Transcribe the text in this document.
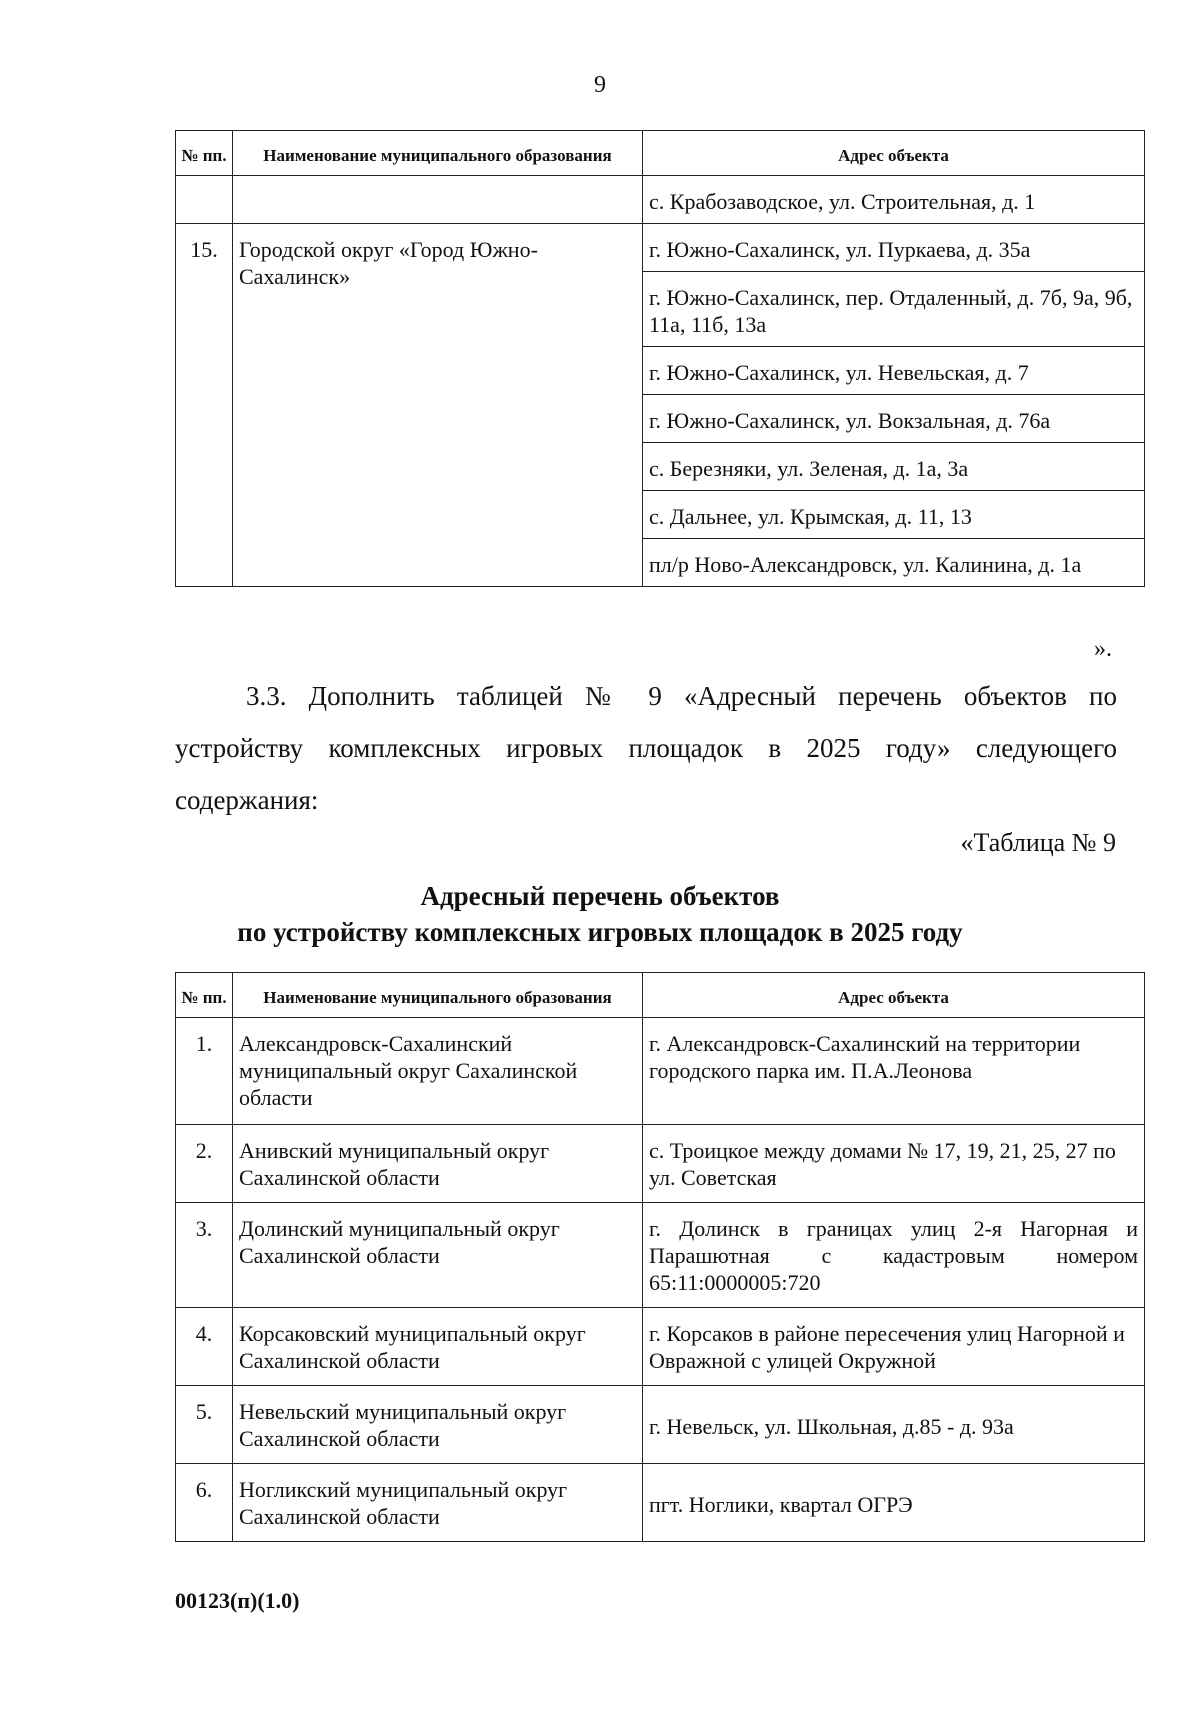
9
№ пп.	Наименование муниципального образования	Адрес объекта
		с. Крабозаводское, ул. Строительная, д. 1
15.	Городской округ «Город Южно-Сахалинск»	г. Южно-Сахалинск, ул. Пуркаева, д. 35а
		г. Южно-Сахалинск, пер. Отдаленный, д. 7б, 9а, 9б, 11а, 11б, 13а
		г. Южно-Сахалинск, ул. Невельская, д. 7
		г. Южно-Сахалинск, ул. Вокзальная, д. 76а
		с. Березняки, ул. Зеленая, д. 1а, 3а
		с. Дальнее, ул. Крымская, д. 11, 13
		пл/р Ново-Александровск, ул. Калинина, д. 1а
».
3.3. Дополнить таблицей № 9 «Адресный перечень объектов по
устройству комплексных игровых площадок в 2025 году» следующего
содержания:
«Таблица № 9
Адресный перечень объектов
по устройству комплексных игровых площадок в 2025 году
№ пп.	Наименование муниципального образования	Адрес объекта
1.	Александровск-Сахалинский муниципальный округ Сахалинской области	г. Александровск-Сахалинский на территории городского парка им. П.А.Леонова
2.	Анивский муниципальный округ Сахалинской области	с. Троицкое между домами № 17, 19, 21, 25, 27 по ул. Советская
3.	Долинский муниципальный округ Сахалинской области	г. Долинск в границах улиц 2-я Нагорная и Парашютная с кадастровым номером 65:11:0000005:720
4.	Корсаковский муниципальный округ Сахалинской области	г. Корсаков в районе пересечения улиц Нагорной и Овражной с улицей Окружной
5.	Невельский муниципальный округ Сахалинской области	г. Невельск, ул. Школьная, д.85 - д. 93а
6.	Ногликский муниципальный округ Сахалинской области	пгт. Ноглики, квартал ОГРЭ
00123(п)(1.0)
